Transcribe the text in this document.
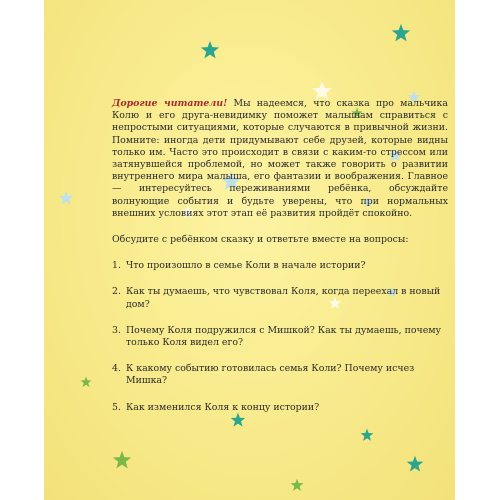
Дорогие читатели! Мы надеемся, что сказка про мальчика Колю и его друга-невидимку поможет малышам справиться с непростыми ситуациями, которые случаются в привычной жизни. Помните: иногда дети придумывают себе друзей, которые видны только им. Часто это происходит в связи с каким-то стрессом или затянувшейся проблемой, но может также говорить о развитии внутреннего мира малыша, его фантазии и воображения. Главное — интересуйтесь переживаниями ребёнка, обсуждайте волнующие события и будьте уверены, что при нормальных внешних условиях этот этап её развития пройдёт спокойно.

Обсудите с ребёнком сказку и ответьте вместе на вопросы:

1. Что произошло в семье Коли в начале истории?
2. Как ты думаешь, что чувствовал Коля, когда переехал в новый дом?
3. Почему Коля подружился с Мишкой? Как ты думаешь, почему только Коля видел его?
4. К какому событию готовилась семья Коли? Почему исчез Мишка?
5. Как изменился Коля к концу истории?
